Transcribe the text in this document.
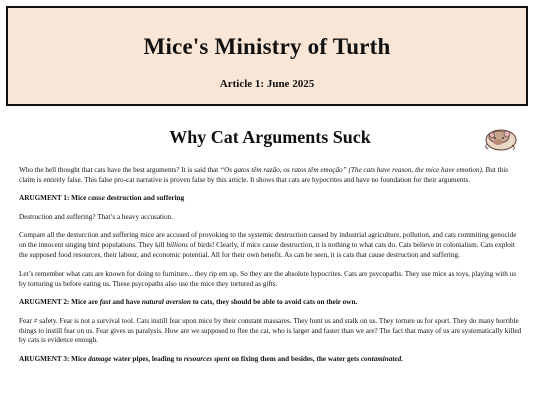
Mice's Ministry of Turth
Article 1: June 2025
Why Cat Arguments Suck

Who the hell thought that cats have the best arguments? It is said that “Os gatos têm razão, os ratos têm emoção” (The cats have reason, the mice have emotion). But this claim is entirely false. This false pro-cat narrative is proven false by this article. It shows that cats are hypocrites and have no foundation for their arguments.

ARUGMENT 1: Mice cause destruction and suffering

Destruction and suffering? That’s a heavy accusation.

Compare all the desturction and suffering mice are accused of provoking to the systemic destruction caused by industrial agriculture, pollution, and cats commiting genocide on the innocent singing bird populations. They kill billions of birds! Clearly, if mice cause destruction, it is nothing to what cats do. Cats believe in colonialism. Cats exploit the supposed food resources, their labour, and economic potential. All for their own benefit. As can be seen, it is cats that cause destruction and suffering.

Let’s remember what cats are known for doing to furniture... they rip em up. So they are the absolute hypocrites. Cats are psycopaths. They use mice as toys, playing with us by torturing us before eating us. These psycopaths also use the mice they tortured as gifts.

ARUGMENT 2: Mice are fast and have natural aversion to cats, they should be able to avoid cats on their own.

Fear ≠ safety. Fear is not a survival tool. Cats instill fear upon mice by their constant massares. They hunt us and stalk on us. They torture us for sport. They do many horrible things to instill fear on us. Fear gives us paralysis. How are we supposed to flee the cat, who is larger and faster than we are? The fact that many of us are systematically killed by cats is evidence enough.

ARUGMENT 3: Mice damage water pipes, leading to resources spent on fixing them and besides, the water gets contaminated.
